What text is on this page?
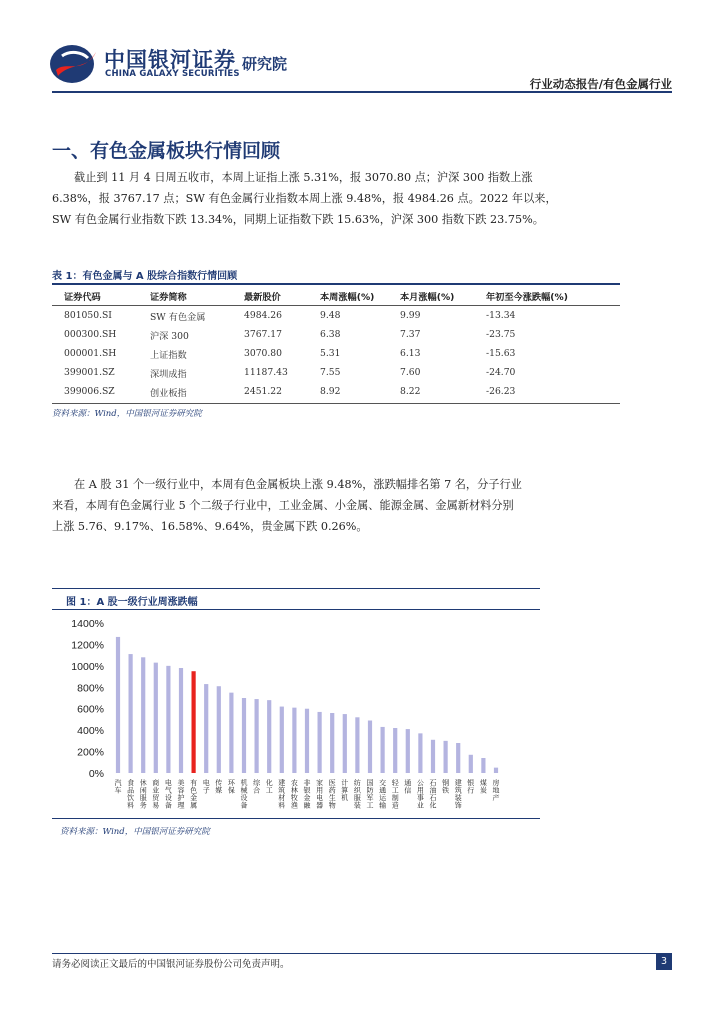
中国银河证券
CHINA GALAXY SECURITIES
研究院
行业动态报告/有色金属行业
一、有色金属板块行情回顾
截止到 11 月 4 日周五收市，本周上证指上涨 5.31%，报 3070.80 点；沪深 300 指数上涨
6.38%，报 3767.17 点；SW 有色金属行业指数本周上涨 9.48%，报 4984.26 点。2022 年以来，
SW 有色金属行业指数下跌 13.34%，同期上证指数下跌 15.63%，沪深 300 指数下跌 23.75%。
表 1：有色金属与 A 股综合指数行情回顾
证券代码	证券简称	最新股价	本周涨幅(%)	本月涨幅(%)	年初至今涨跌幅(%)
801050.SI	SW 有色金属	4984.26	9.48	9.99	-13.34
000300.SH	沪深 300	3767.17	6.38	7.37	-23.75
000001.SH	上证指数	3070.80	5.31	6.13	-15.63
399001.SZ	深圳成指	11187.43	7.55	7.60	-24.70
399006.SZ	创业板指	2451.22	8.92	8.22	-26.23
资料来源：Wind，中国银河证券研究院
在 A 股 31 个一级行业中，本周有色金属板块上涨 9.48%，涨跌幅排名第 7 名，分子行业
来看，本周有色金属行业 5 个二级子行业中，工业金属、小金属、能源金属、金属新材料分别
上涨 5.76、9.17%、16.58%、9.64%，贵金属下跌 0.26%。
图 1：A 股一级行业周涨跌幅
0%
200%
400%
600%
800%
1000%
1200%
1400%
汽车
食品饮料
休闲服务
商业贸易
电气设备
美容护理
有色金属
电子
传媒
环保
机械设备
综合
化工
建筑材料
农林牧渔
非银金融
家用电器
医药生物
计算机
纺织服装
国防军工
交通运输
轻工制造
通信
公用事业
石油石化
钢铁
建筑装饰
银行
煤炭
房地产
资料来源：Wind，中国银河证券研究院
请务必阅读正文最后的中国银河证券股份公司免责声明。	3
